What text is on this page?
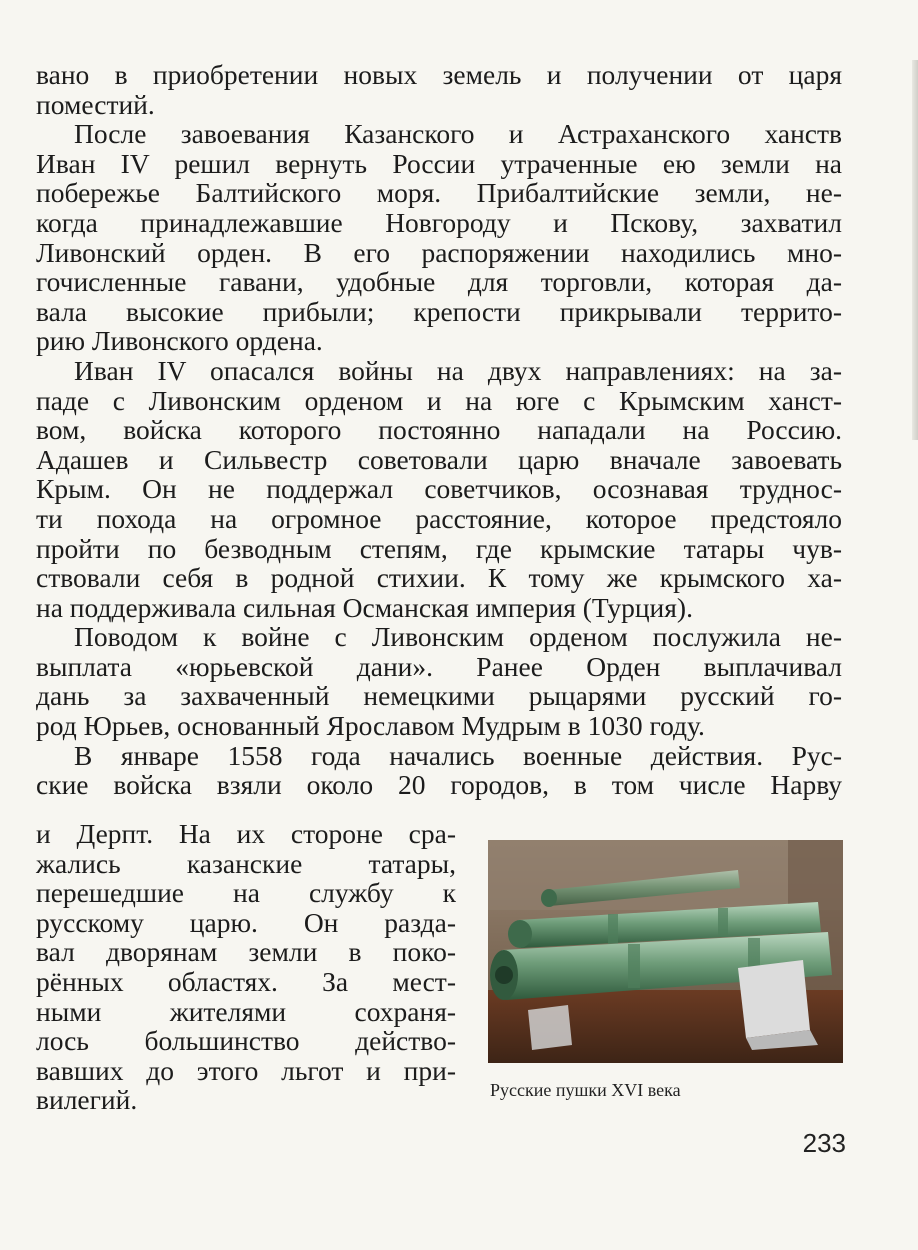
вано в приобретении новых земель и получении от царя
поместий.
После завоевания Казанского и Астраханского ханств
Иван IV решил вернуть России утраченные ею земли на
побережье Балтийского моря. Прибалтийские земли, не-
когда принадлежавшие Новгороду и Пскову, захватил
Ливонский орден. В его распоряжении находились мно-
гочисленные гавани, удобные для торговли, которая да-
вала высокие прибыли; крепости прикрывали террито-
рию Ливонского ордена.
Иван IV опасался войны на двух направлениях: на за-
паде с Ливонским орденом и на юге с Крымским ханст-
вом, войска которого постоянно нападали на Россию.
Адашев и Сильвестр советовали царю вначале завоевать
Крым. Он не поддержал советчиков, осознавая труднос-
ти похода на огромное расстояние, которое предстояло
пройти по безводным степям, где крымские татары чув-
ствовали себя в родной стихии. К тому же крымского ха-
на поддерживала сильная Османская империя (Турция).
Поводом к войне с Ливонским орденом послужила не-
выплата «юрьевской дани». Ранее Орден выплачивал
дань за захваченный немецкими рыцарями русский го-
род Юрьев, основанный Ярославом Мудрым в 1030 году.
В январе 1558 года начались военные действия. Рус-
ские войска взяли около 20 городов, в том числе Нарву
и Дерпт. На их стороне сра-
жались казанские татары,
перешедшие на службу к
русскому царю. Он разда-
вал дворянам земли в поко-
рённых областях. За мест-
ными жителями сохраня-
лось большинство действо-
вавших до этого льгот и при-
вилегий.	Русские пушки XVI века
233
